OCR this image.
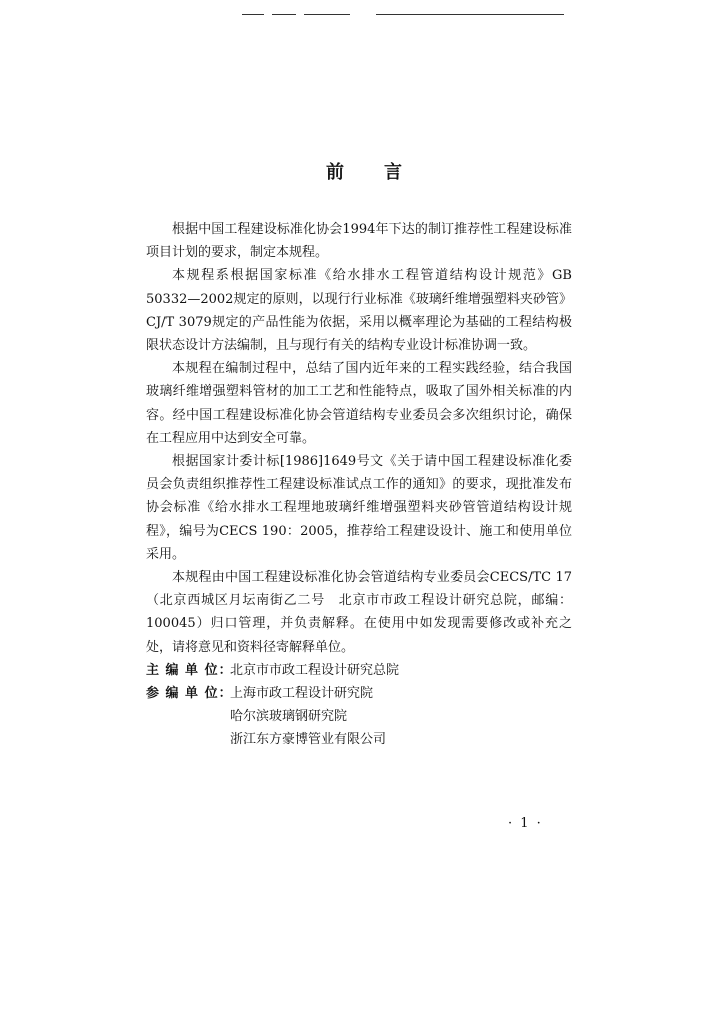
前 言

根据中国工程建设标准化协会1994年下达的制订推荐性工程建设标准项目计划的要求，制定本规程。

本规程系根据国家标准《给水排水工程管道结构设计规范》GB 50332—2002规定的原则，以现行行业标准《玻璃纤维增强塑料夹砂管》CJ/T 3079规定的产品性能为依据，采用以概率理论为基础的工程结构极限状态设计方法编制，且与现行有关的结构专业设计标准协调一致。

本规程在编制过程中，总结了国内近年来的工程实践经验，结合我国玻璃纤维增强塑料管材的加工工艺和性能特点，吸取了国外相关标准的内容。经中国工程建设标准化协会管道结构专业委员会多次组织讨论，确保在工程应用中达到安全可靠。

根据国家计委计标[1986]1649号文《关于请中国工程建设标准化委员会负责组织推荐性工程建设标准试点工作的通知》的要求，现批准发布协会标准《给水排水工程埋地玻璃纤维增强塑料夹砂管管道结构设计规程》，编号为CECS 190：2005，推荐给工程建设设计、施工和使用单位采用。

本规程由中国工程建设标准化协会管道结构专业委员会CECS/TC 17（北京西城区月坛南街乙二号　北京市市政工程设计研究总院，邮编：100045）归口管理，并负责解释。在使用中如发现需要修改或补充之处，请将意见和资料径寄解释单位。

主 编 单 位：
北京市市政工程设计研究总院
参 编 单 位：
上海市政工程设计研究院
哈尔滨玻璃钢研究院
浙江东方豪博管业有限公司
· 1 ·
